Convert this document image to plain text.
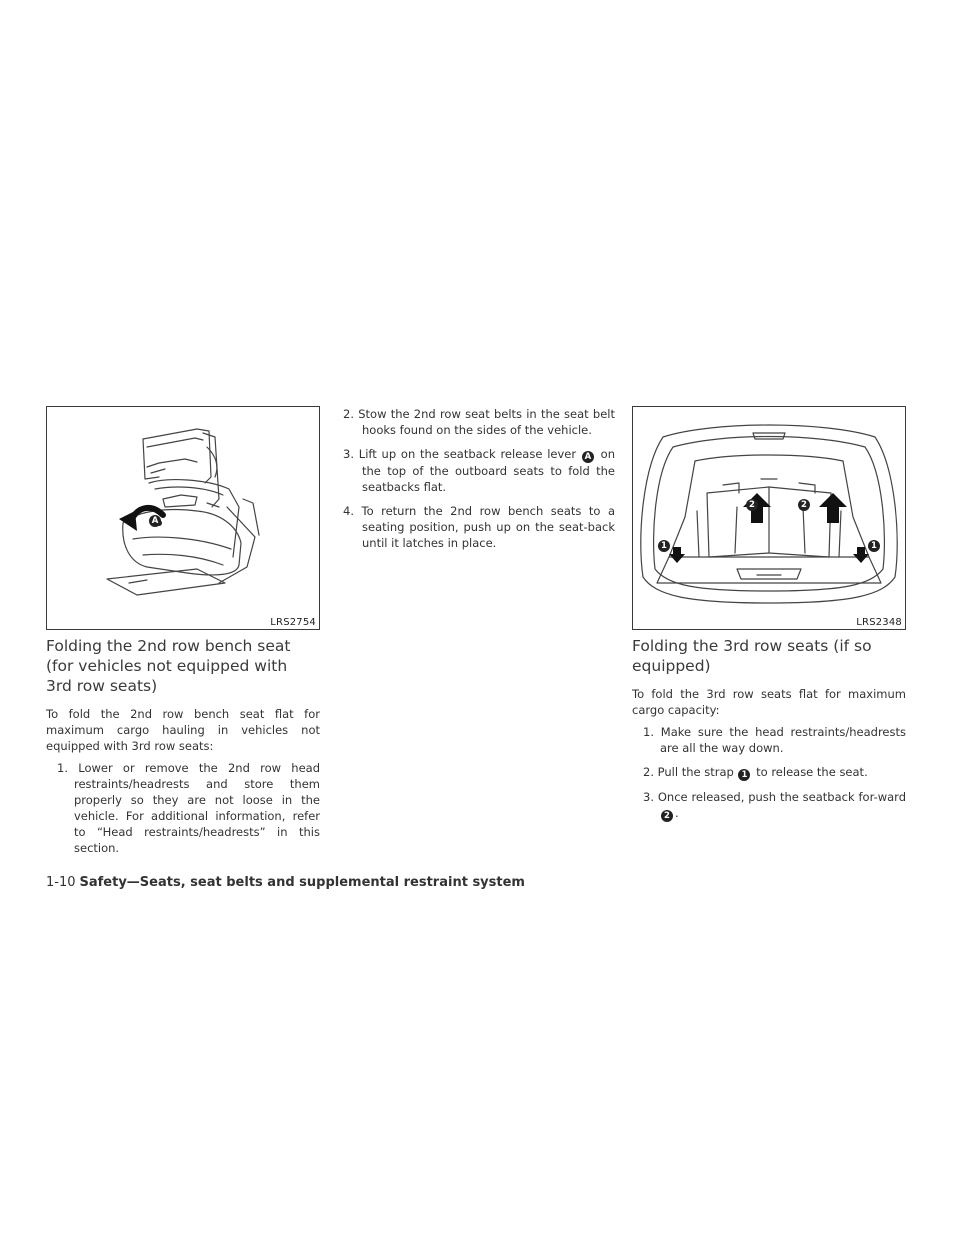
A
LRS2754
Folding the 2nd row bench seat
(for vehicles not equipped with
3rd row seats)

To fold the 2nd row bench seat flat for maximum cargo hauling in vehicles not equipped with 3rd row seats:

1. Lower or remove the 2nd row head restraints/headrests and store them properly so they are not loose in the vehicle. For additional information, refer to “Head restraints/headrests” in this section.
2. Stow the 2nd row seat belts in the seat belt hooks found on the sides of the vehicle.
3. Lift up on the seatback release lever A on the top of the outboard seats to fold the seatbacks flat.
4. To return the 2nd row bench seats to a seating position, push up on the seat-back until it latches in place.	1	1
2	2
LRS2348
Folding the 3rd row seats (if so
equipped)

To fold the 3rd row seats flat for maximum cargo capacity:

1. Make sure the head restraints/headrests are all the way down.
2. Pull the strap 1 to release the seat.
3. Once released, push the seatback for-ward 2 .
1-10 Safety—Seats, seat belts and supplemental restraint system
